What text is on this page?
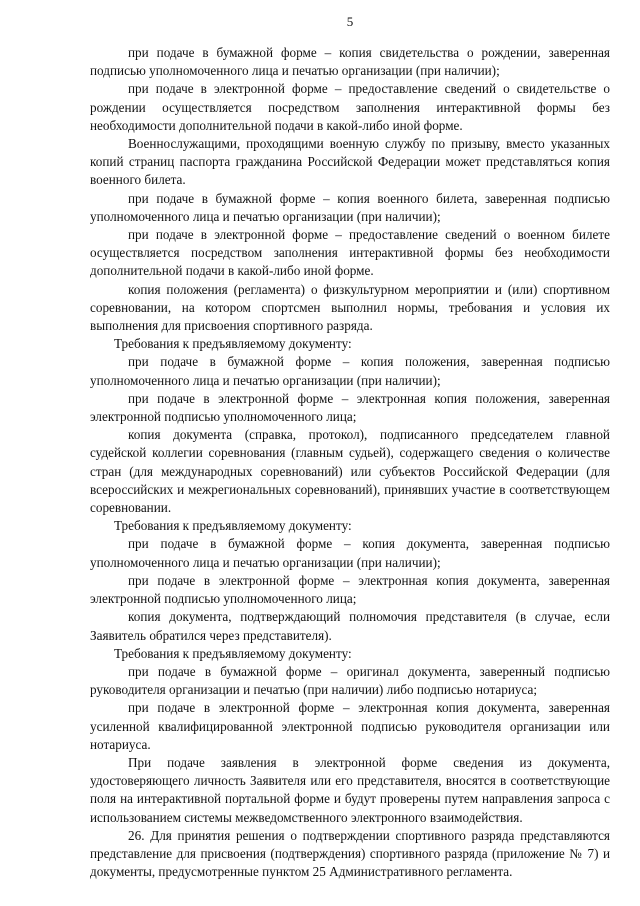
5

при подаче в бумажной форме – копия свидетельства о рождении, заверенная подписью уполномоченного лица и печатью организации (при наличии);

при подаче в электронной форме – предоставление сведений о свидетельстве о рождении осуществляется посредством заполнения интерактивной формы без необходимости дополнительной подачи в какой-либо иной форме.

Военнослужащими, проходящими военную службу по призыву, вместо указанных копий страниц паспорта гражданина Российской Федерации может представляться копия военного билета.

при подаче в бумажной форме – копия военного билета, заверенная подписью уполномоченного лица и печатью организации (при наличии);

при подаче в электронной форме – предоставление сведений о военном билете осуществляется посредством заполнения интерактивной формы без необходимости дополнительной подачи в какой-либо иной форме.

копия положения (регламента) о физкультурном мероприятии и (или) спортивном соревновании, на котором спортсмен выполнил нормы, требования и условия их выполнения для присвоения спортивного разряда.

Требования к предъявляемому документу:

при подаче в бумажной форме – копия положения, заверенная подписью уполномоченного лица и печатью организации (при наличии);

при подаче в электронной форме – электронная копия положения, заверенная электронной подписью уполномоченного лица;

копия документа (справка, протокол), подписанного председателем главной судейской коллегии соревнования (главным судьей), содержащего сведения о количестве стран (для международных соревнований) или субъектов Российской Федерации (для всероссийских и межрегиональных соревнований), принявших участие в соответствующем соревновании.

Требования к предъявляемому документу:

при подаче в бумажной форме – копия документа, заверенная подписью уполномоченного лица и печатью организации (при наличии);

при подаче в электронной форме – электронная копия документа, заверенная электронной подписью уполномоченного лица;

копия документа, подтверждающий полномочия представителя (в случае, если Заявитель обратился через представителя).

Требования к предъявляемому документу:

при подаче в бумажной форме – оригинал документа, заверенный подписью руководителя организации и печатью (при наличии) либо подписью нотариуса;

при подаче в электронной форме – электронная копия документа, заверенная усиленной квалифицированной электронной подписью руководителя организации или нотариуса.

При подаче заявления в электронной форме сведения из документа, удостоверяющего личность Заявителя или его представителя, вносятся в соответствующие поля на интерактивной портальной форме и будут проверены путем направления запроса с использованием системы межведомственного электронного взаимодействия.

26. Для принятия решения о подтверждении спортивного разряда представляются представление для присвоения (подтверждения) спортивного разряда (приложение № 7) и документы, предусмотренные пунктом 25 Административного регламента.
